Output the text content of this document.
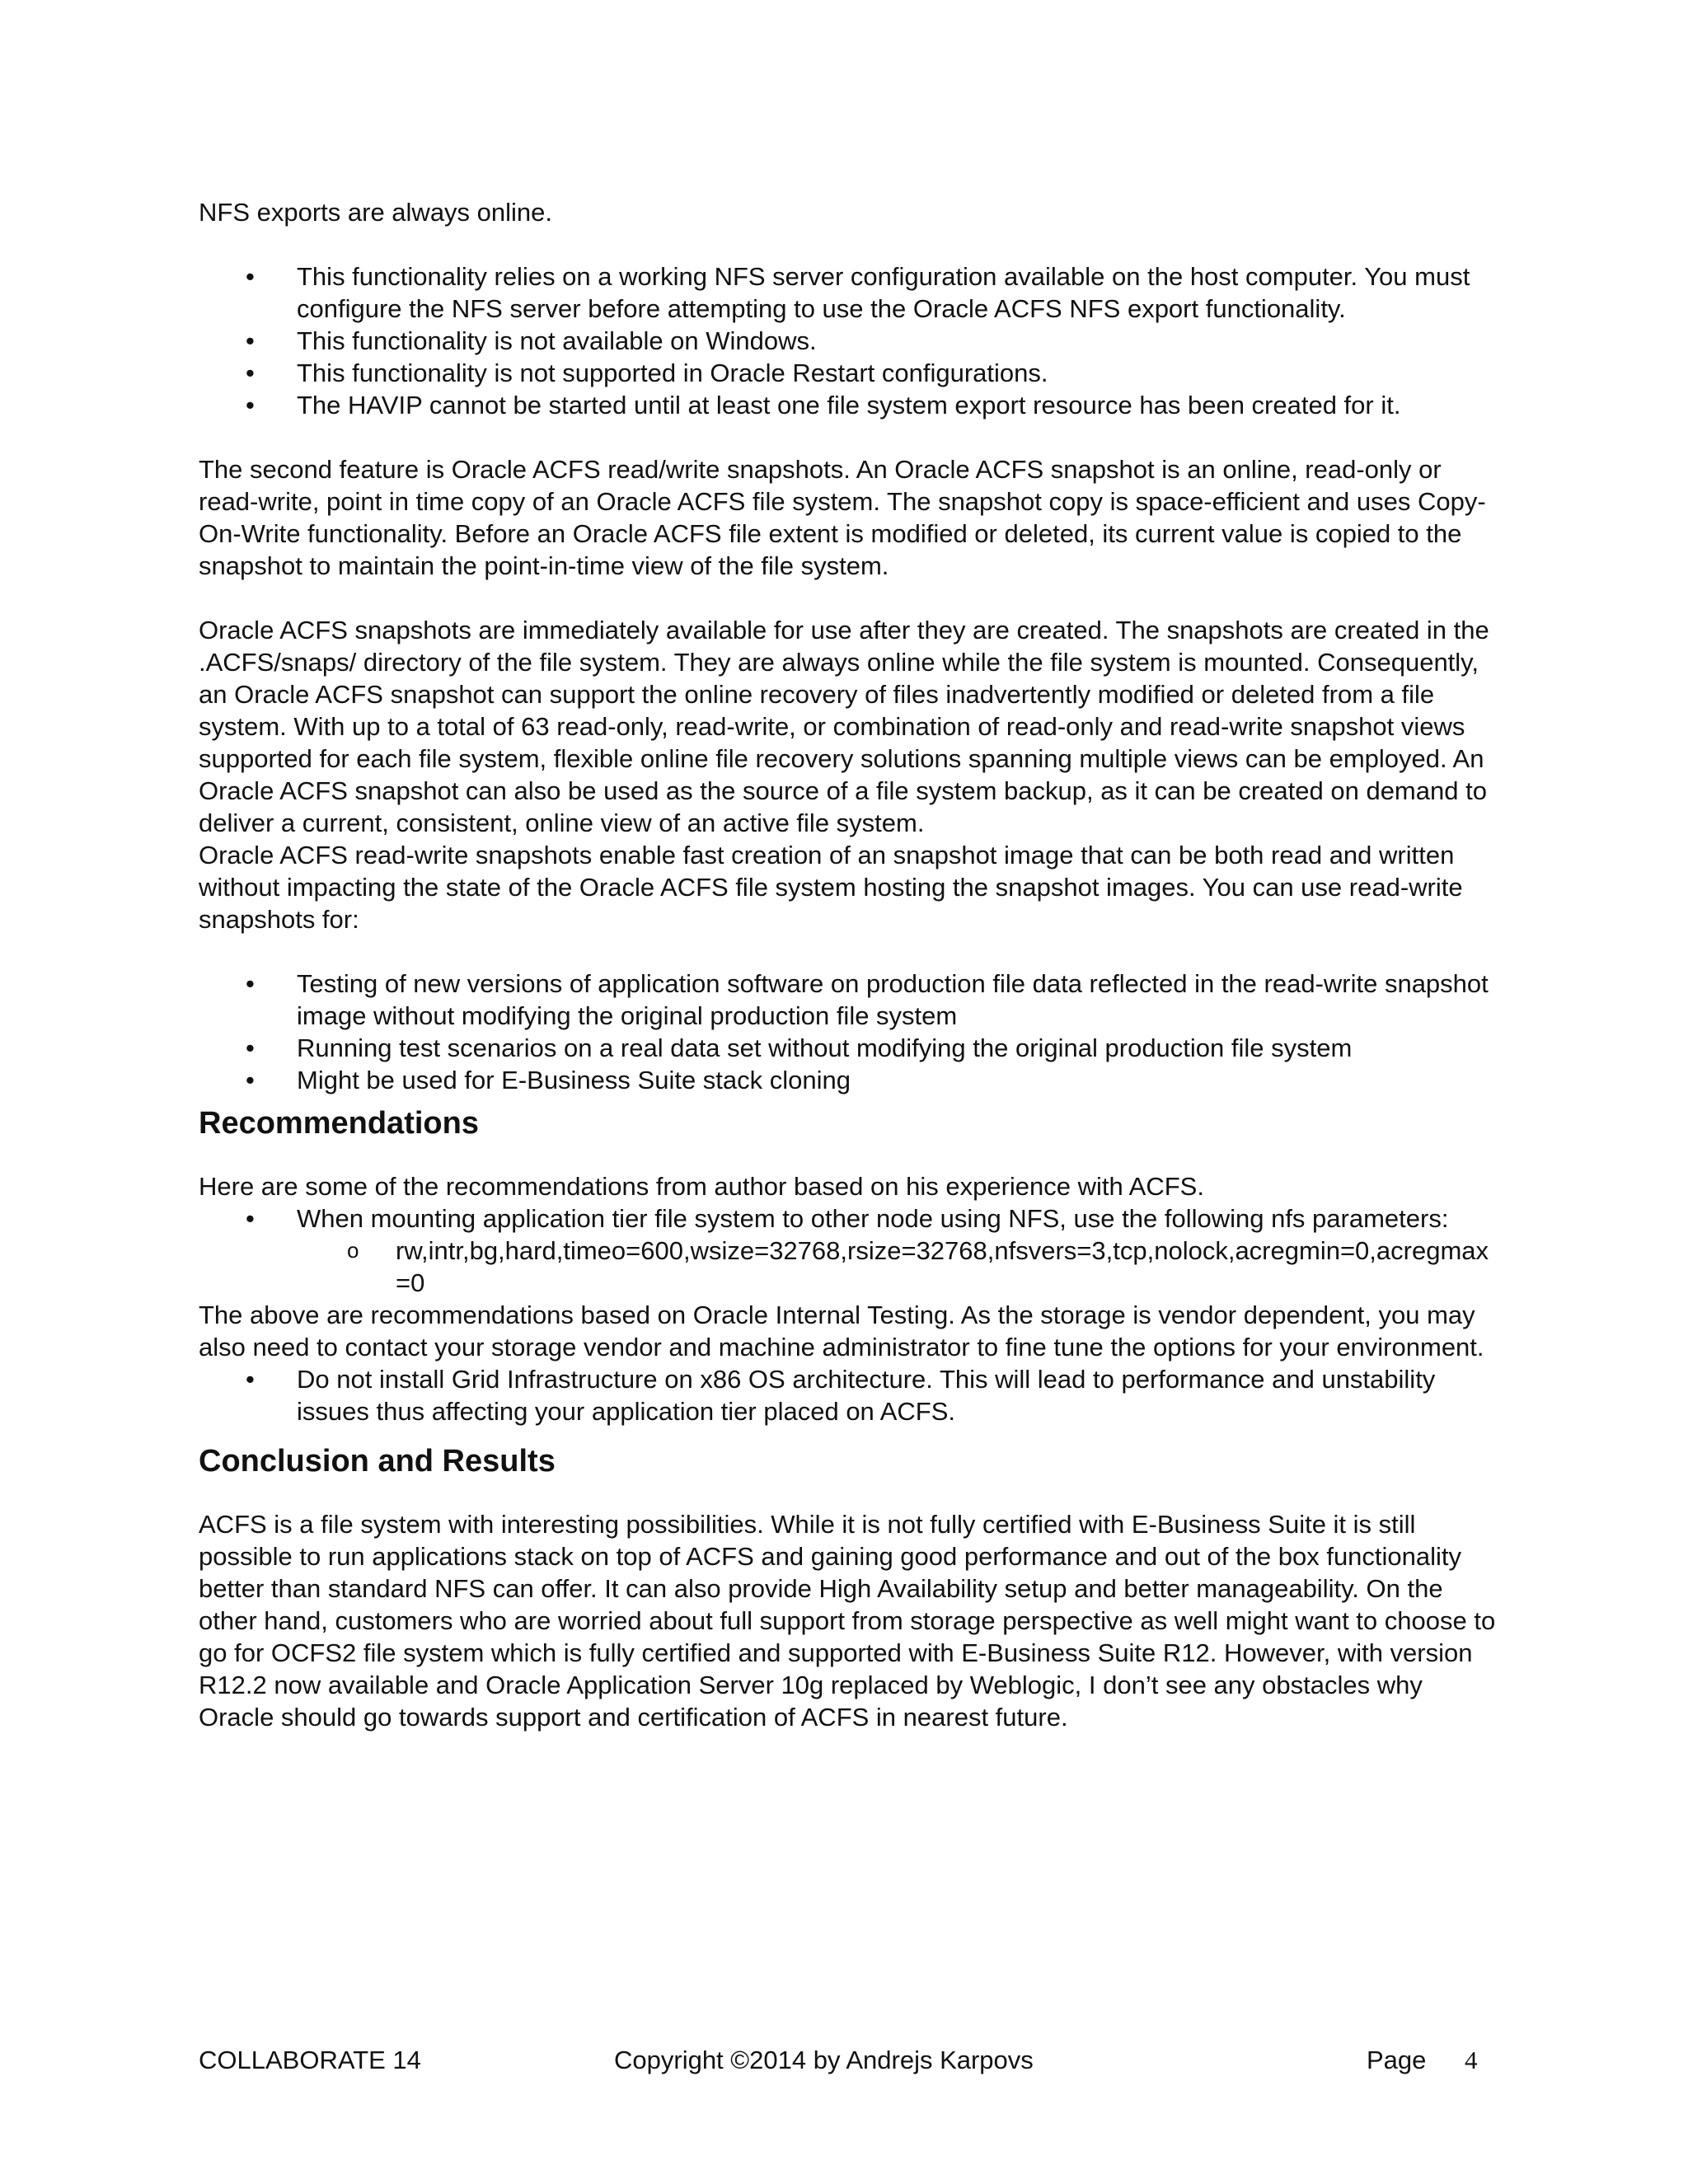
NFS exports are always online.

• This functionality relies on a working NFS server configuration available on the host computer. You must configure the NFS server before attempting to use the Oracle ACFS NFS export functionality.
• This functionality is not available on Windows.
• This functionality is not supported in Oracle Restart configurations.
• The HAVIP cannot be started until at least one file system export resource has been created for it.

The second feature is Oracle ACFS read/write snapshots. An Oracle ACFS snapshot is an online, read-only or read-write, point in time copy of an Oracle ACFS file system. The snapshot copy is space-efficient and uses Copy-On-Write functionality. Before an Oracle ACFS file extent is modified or deleted, its current value is copied to the snapshot to maintain the point-in-time view of the file system.

Oracle ACFS snapshots are immediately available for use after they are created. The snapshots are created in the .ACFS/snaps/ directory of the file system. They are always online while the file system is mounted. Consequently, an Oracle ACFS snapshot can support the online recovery of files inadvertently modified or deleted from a file system. With up to a total of 63 read-only, read-write, or combination of read-only and read-write snapshot views supported for each file system, flexible online file recovery solutions spanning multiple views can be employed. An Oracle ACFS snapshot can also be used as the source of a file system backup, as it can be created on demand to deliver a current, consistent, online view of an active file system.

Oracle ACFS read-write snapshots enable fast creation of an snapshot image that can be both read and written without impacting the state of the Oracle ACFS file system hosting the snapshot images. You can use read-write snapshots for:

• Testing of new versions of application software on production file data reflected in the read-write snapshot image without modifying the original production file system
• Running test scenarios on a real data set without modifying the original production file system
• Might be used for E-Business Suite stack cloning
Recommendations

Here are some of the recommendations from author based on his experience with ACFS.

• When mounting application tier file system to other node using NFS, use the following nfs parameters:
o rw,intr,bg,hard,timeo=600,wsize=32768,rsize=32768,nfsvers=3,tcp,nolock,acregmin=0,acregmax=0

The above are recommendations based on Oracle Internal Testing. As the storage is vendor dependent, you may also need to contact your storage vendor and machine administrator to fine tune the options for your environment.

• Do not install Grid Infrastructure on x86 OS architecture. This will lead to performance and unstability issues thus affecting your application tier placed on ACFS.
Conclusion and Results

ACFS is a file system with interesting possibilities. While it is not fully certified with E-Business Suite it is still possible to run applications stack on top of ACFS and gaining good performance and out of the box functionality better than standard NFS can offer. It can also provide High Availability setup and better manageability. On the other hand, customers who are worried about full support from storage perspective as well might want to choose to go for OCFS2 file system which is fully certified and supported with E-Business Suite R12. However, with version R12.2 now available and Oracle Application Server 10g replaced by Weblogic, I don’t see any obstacles why Oracle should go towards support and certification of ACFS in nearest future.

COLLABORATE 14	Copyright ©2014 by Andrejs Karpovs	Page 4
